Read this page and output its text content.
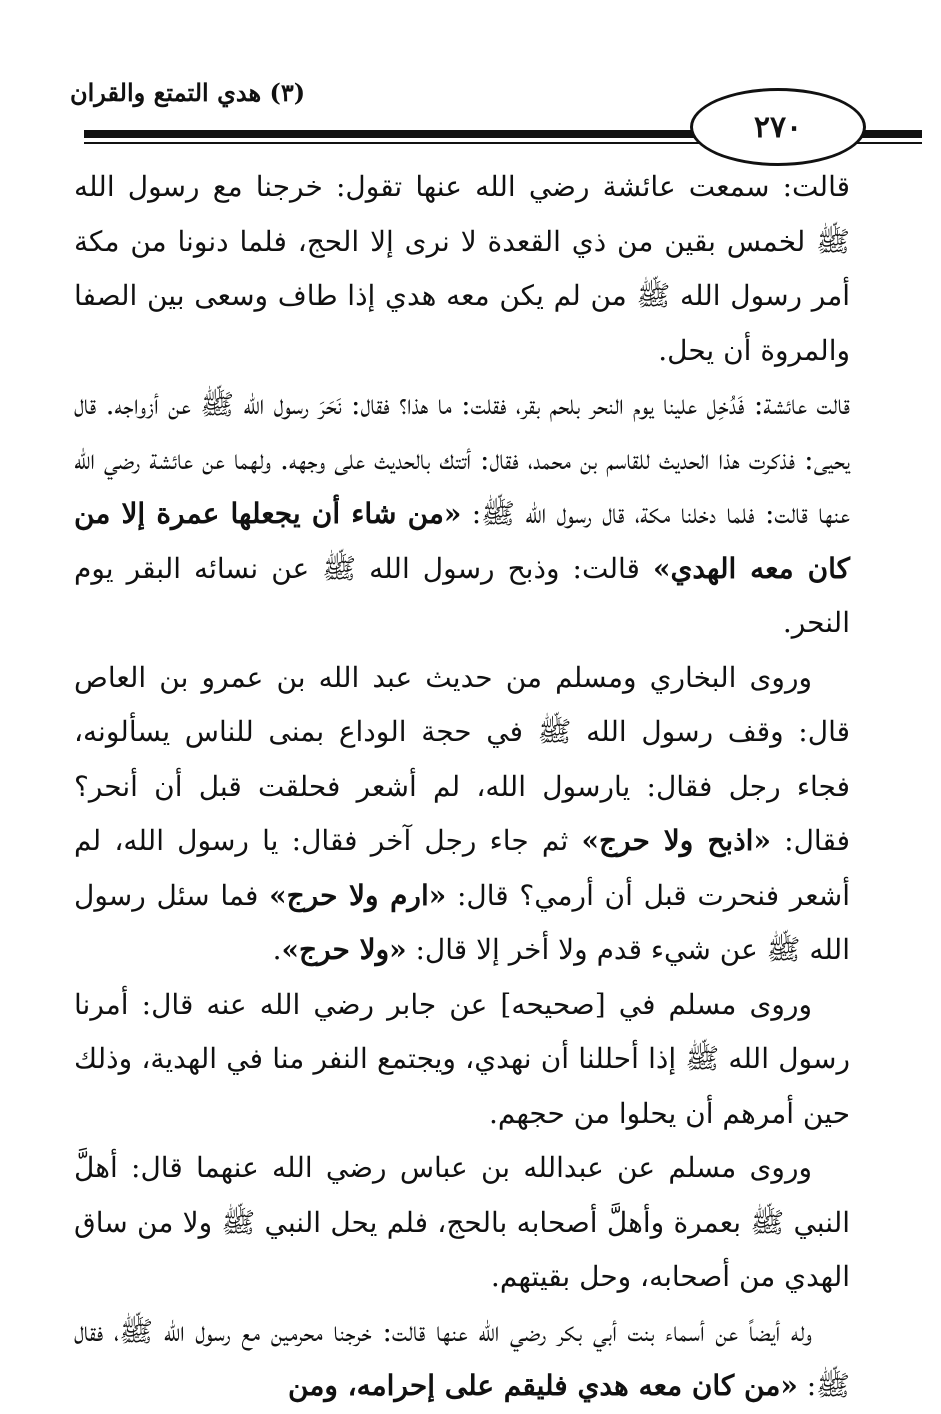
(٣) هدي التمتع والقران
٢٧٠

قالت: سمعت عائشة رضي الله عنها تقول: خرجنا مع رسول الله ﷺ لخمس بقين من ذي القعدة لا نرى إلا الحج، فلما دنونا من مكة أمر رسول الله ﷺ من لم يكن معه هدي إذا طاف وسعى بين الصفا والمروة أن يحل.

قالت عائشة: فَدُخِل علينا يوم النحر بلحم بقر، فقلت: ما هذا؟ فقال: نَحَرَ رسول الله ﷺ عن أزواجه. قال يحيى: فذكرت هذا الحديث للقاسم بن محمد، فقال: أتتك بالحديث على وجهه. ولهما عن عائشة رضي الله عنها قالت: فلما دخلنا مكة، قال رسول الله ﷺ: «من شاء أن يجعلها عمرة إلا من كان معه الهدي» قالت: وذبح رسول الله ﷺ عن نسائه البقر يوم النحر.

وروى البخاري ومسلم من حديث عبد الله بن عمرو بن العاص قال: وقف رسول الله ﷺ في حجة الوداع بمنى للناس يسألونه، فجاء رجل فقال: يارسول الله، لم أشعر فحلقت قبل أن أنحر؟ فقال: «اذبح ولا حرج» ثم جاء رجل آخر فقال: يا رسول الله، لم أشعر فنحرت قبل أن أرمي؟ قال: «ارم ولا حرج» فما سئل رسول الله ﷺ عن شيء قدم ولا أخر إلا قال: «ولا حرج».

وروى مسلم في [صحيحه] عن جابر رضي الله عنه قال: أمرنا رسول الله ﷺ إذا أحللنا أن نهدي، ويجتمع النفر منا في الهدية، وذلك حين أمرهم أن يحلوا من حجهم.

وروى مسلم عن عبدالله بن عباس رضي الله عنهما قال: أهلَّ النبي ﷺ بعمرة وأهلَّ أصحابه بالحج، فلم يحل النبي ﷺ ولا من ساق الهدي من أصحابه، وحل بقيتهم.

وله أيضاً عن أسماء بنت أبي بكر رضي الله عنها قالت: خرجنا محرمين مع رسول الله ﷺ، فقال ﷺ: «من كان معه هدي فليقم على إحرامه، ومن
